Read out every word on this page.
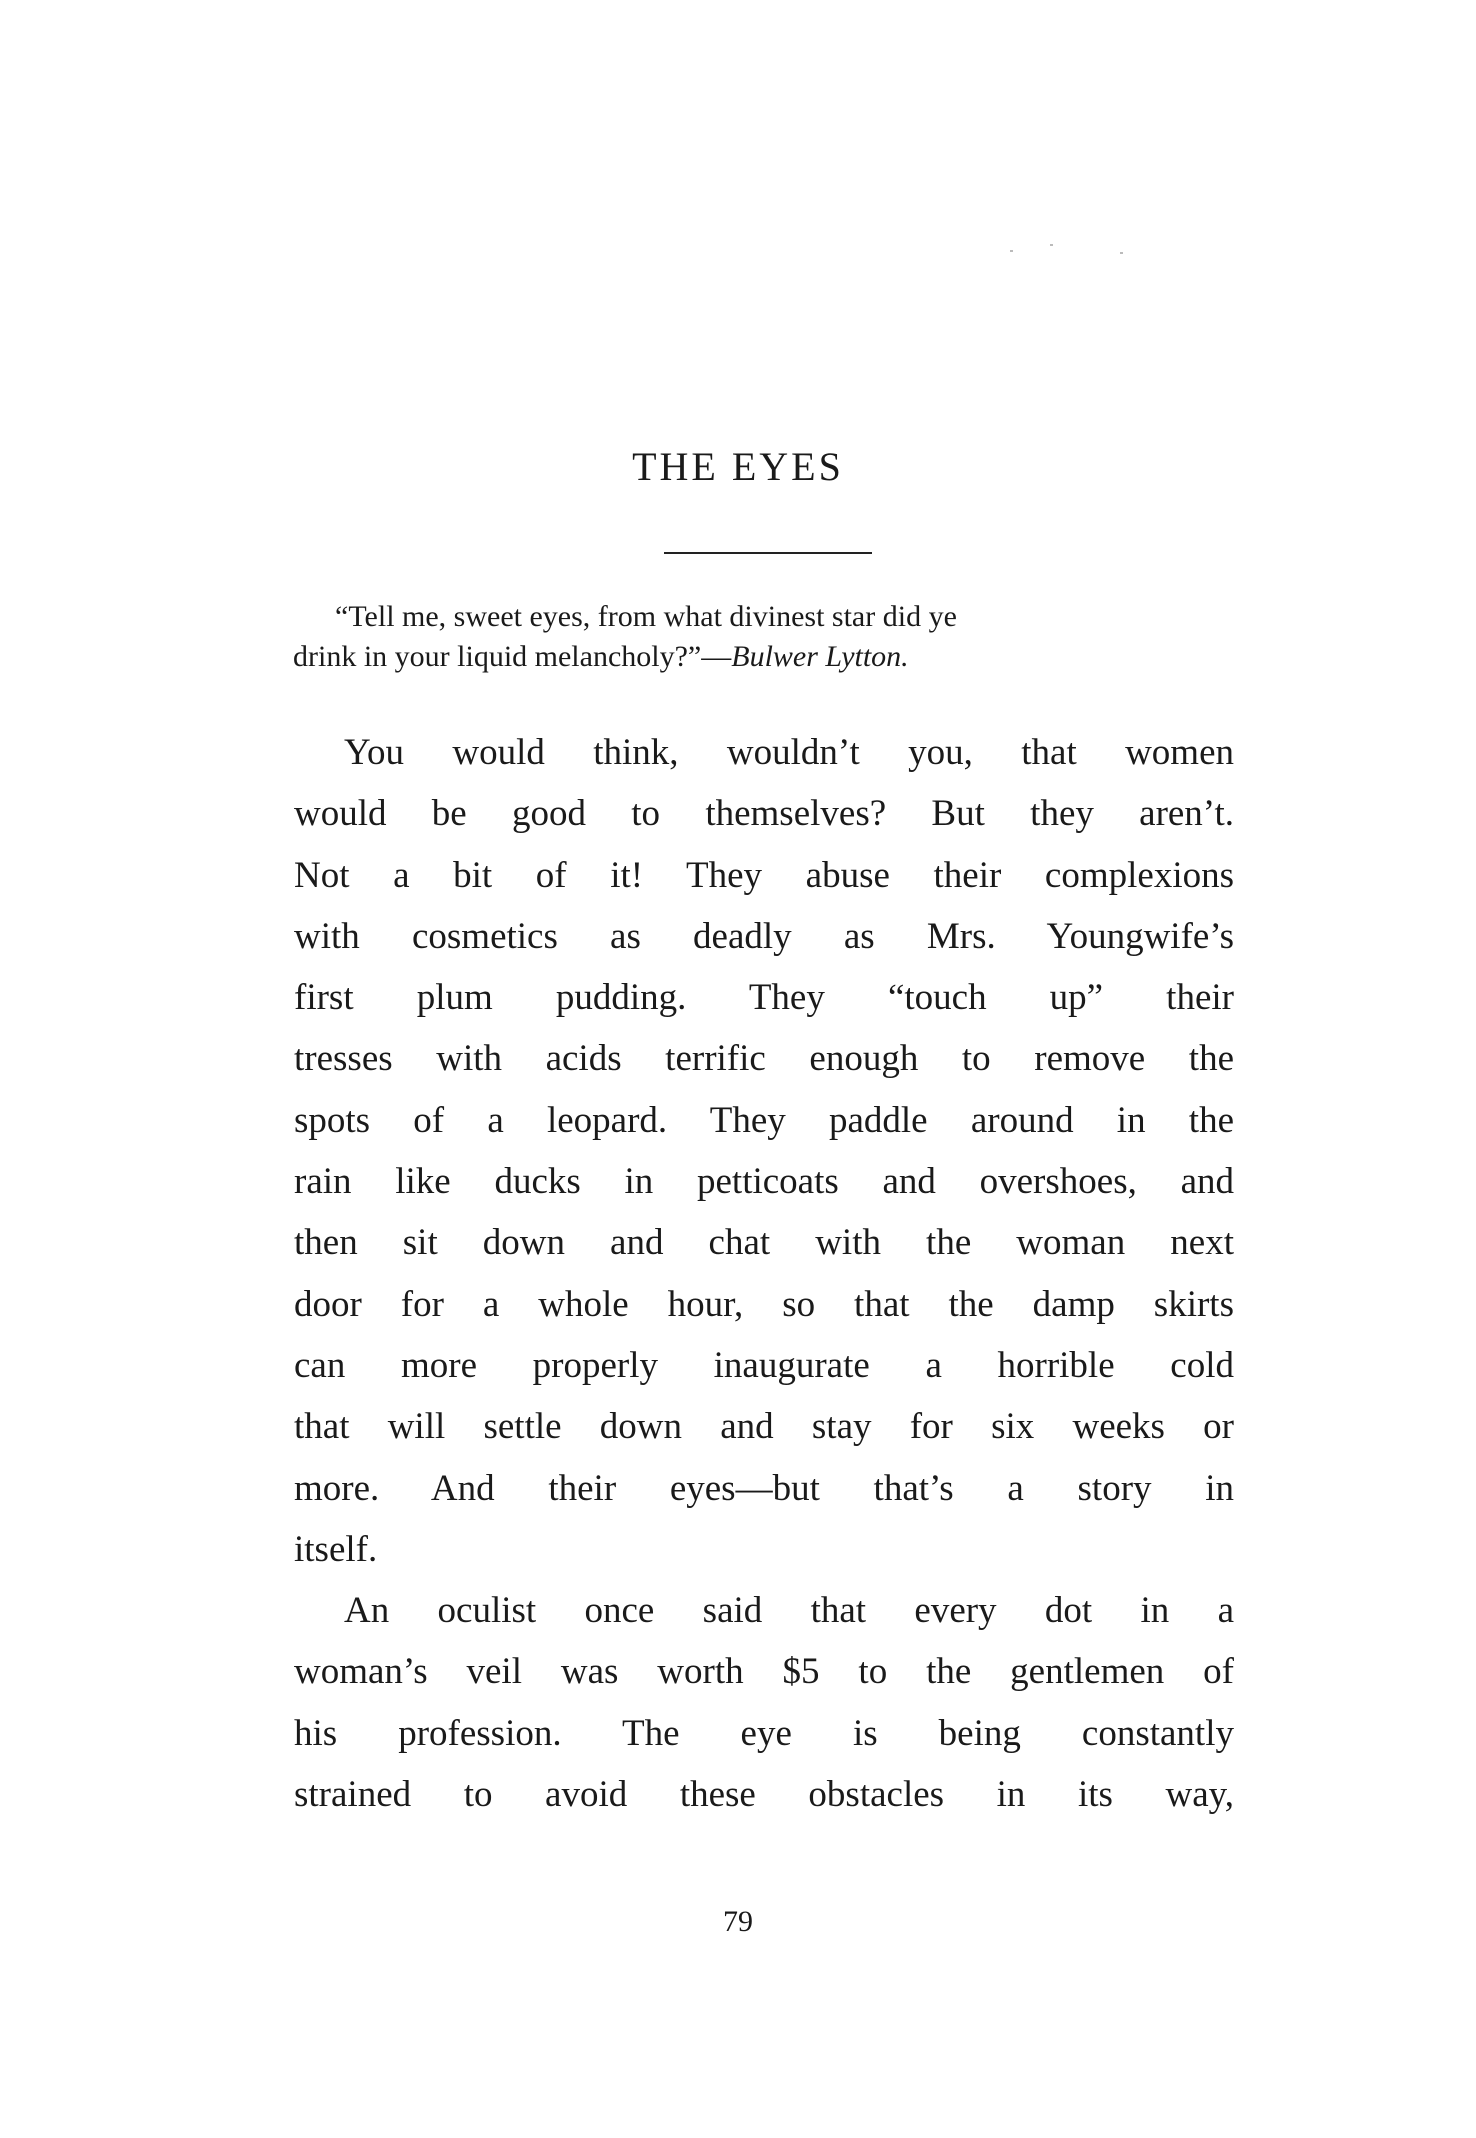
THE EYES
“Tell me, sweet eyes, from what divinest star did ye
drink in your liquid melancholy?”—Bulwer Lytton.

You would think, wouldn’t you, that women
would be good to themselves? But they aren’t.
Not a bit of it! They abuse their complexions
with cosmetics as deadly as Mrs. Youngwife’s
first plum pudding. They “touch up” their
tresses with acids terrific enough to remove the
spots of a leopard. They paddle around in the
rain like ducks in petticoats and overshoes, and
then sit down and chat with the woman next
door for a whole hour, so that the damp skirts
can more properly inaugurate a horrible cold
that will settle down and stay for six weeks or
more. And their eyes—but that’s a story in
itself.

An oculist once said that every dot in a
woman’s veil was worth $5 to the gentlemen of
his profession. The eye is being constantly
strained to avoid these obstacles in its way,

79
